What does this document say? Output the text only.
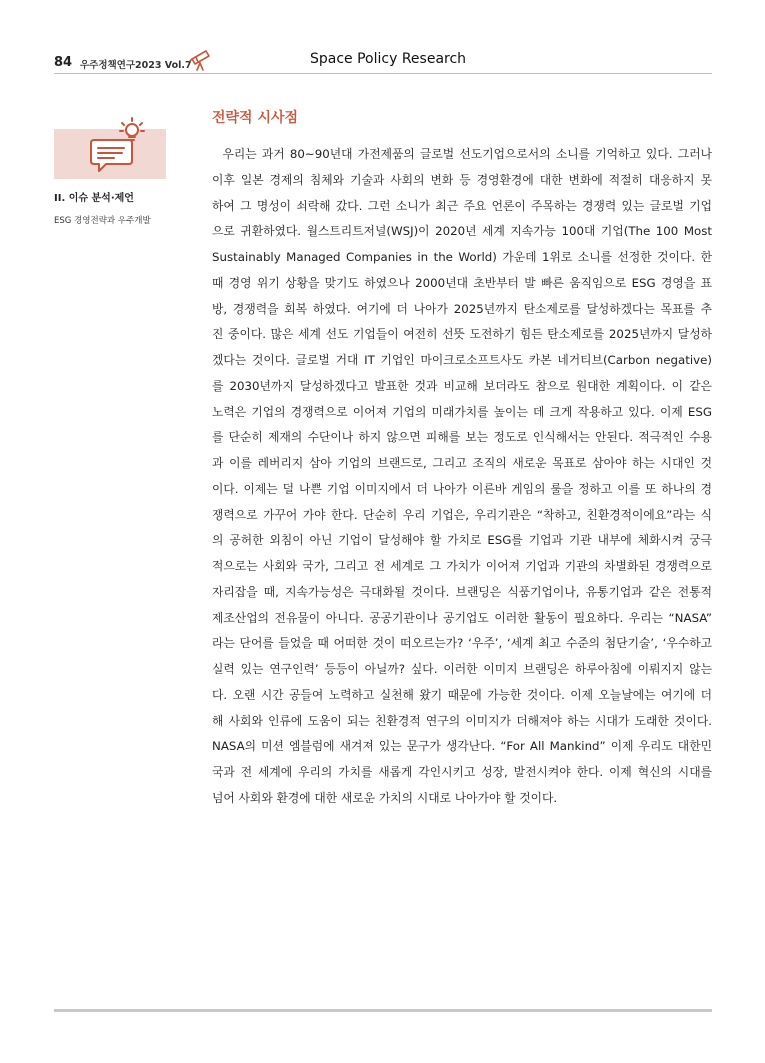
84 우주정책연구2023 Vol.7	Space Policy Research
II. 이슈 분석·제언
ESG 경영전략과 우주개발
전략적 시사점
우리는 과거 80~90년대 가전제품의 글로벌 선도기업으로서의 소니를 기억하고 있다. 그러나
이후 일본 경제의 침체와 기술과 사회의 변화 등 경영환경에 대한 변화에 적절히 대응하지 못
하여 그 명성이 쇠락해 갔다. 그런 소니가 최근 주요 언론이 주목하는 경쟁력 있는 글로벌 기업
으로 귀환하였다. 월스트리트저널(WSJ)이 2020년 세계 지속가능 100대 기업(The 100 Most
Sustainably Managed Companies in the World) 가운데 1위로 소니를 선정한 것이다. 한
때 경영 위기 상황을 맞기도 하였으나 2000년대 초반부터 발 빠른 움직임으로 ESG 경영을 표
방, 경쟁력을 회복 하였다. 여기에 더 나아가 2025년까지 탄소제로를 달성하겠다는 목표를 추
진 중이다. 많은 세계 선도 기업들이 여전히 선뜻 도전하기 힘든 탄소제로를 2025년까지 달성하
겠다는 것이다. 글로벌 거대 IT 기업인 마이크로소프트사도 카본 네거티브(Carbon negative)
를 2030년까지 달성하겠다고 발표한 것과 비교해 보더라도 참으로 원대한 계획이다. 이 같은
노력은 기업의 경쟁력으로 이어져 기업의 미래가치를 높이는 데 크게 작용하고 있다. 이제 ESG
를 단순히 제재의 수단이나 하지 않으면 피해를 보는 정도로 인식해서는 안된다. 적극적인 수용
과 이를 레버리지 삼아 기업의 브랜드로, 그리고 조직의 새로운 목표로 삼아야 하는 시대인 것
이다. 이제는 덜 나쁜 기업 이미지에서 더 나아가 이른바 게임의 룰을 정하고 이를 또 하나의 경
쟁력으로 가꾸어 가야 한다. 단순히 우리 기업은, 우리기관은 “착하고, 친환경적이에요”라는 식
의 공허한 외침이 아닌 기업이 달성해야 할 가치로 ESG를 기업과 기관 내부에 체화시켜 궁극
적으로는 사회와 국가, 그리고 전 세계로 그 가치가 이어져 기업과 기관의 차별화된 경쟁력으로
자리잡을 때, 지속가능성은 극대화될 것이다. 브랜딩은 식품기업이나, 유통기업과 같은 전통적
제조산업의 전유물이 아니다. 공공기관이나 공기업도 이러한 활동이 필요하다. 우리는 “NASA”
라는 단어를 들었을 때 어떠한 것이 떠오르는가? ‘우주’, ‘세계 최고 수준의 첨단기술’, ‘우수하고
실력 있는 연구인력’ 등등이 아닐까? 싶다. 이러한 이미지 브랜딩은 하루아침에 이뤄지지 않는
다. 오랜 시간 공들여 노력하고 실천해 왔기 때문에 가능한 것이다. 이제 오늘날에는 여기에 더
해 사회와 인류에 도움이 되는 친환경적 연구의 이미지가 더해져야 하는 시대가 도래한 것이다.
NASA의 미션 엠블럼에 새겨져 있는 문구가 생각난다. “For All Mankind” 이제 우리도 대한민
국과 전 세계에 우리의 가치를 새롭게 각인시키고 성장, 발전시켜야 한다. 이제 혁신의 시대를
넘어 사회와 환경에 대한 새로운 가치의 시대로 나아가야 할 것이다.
